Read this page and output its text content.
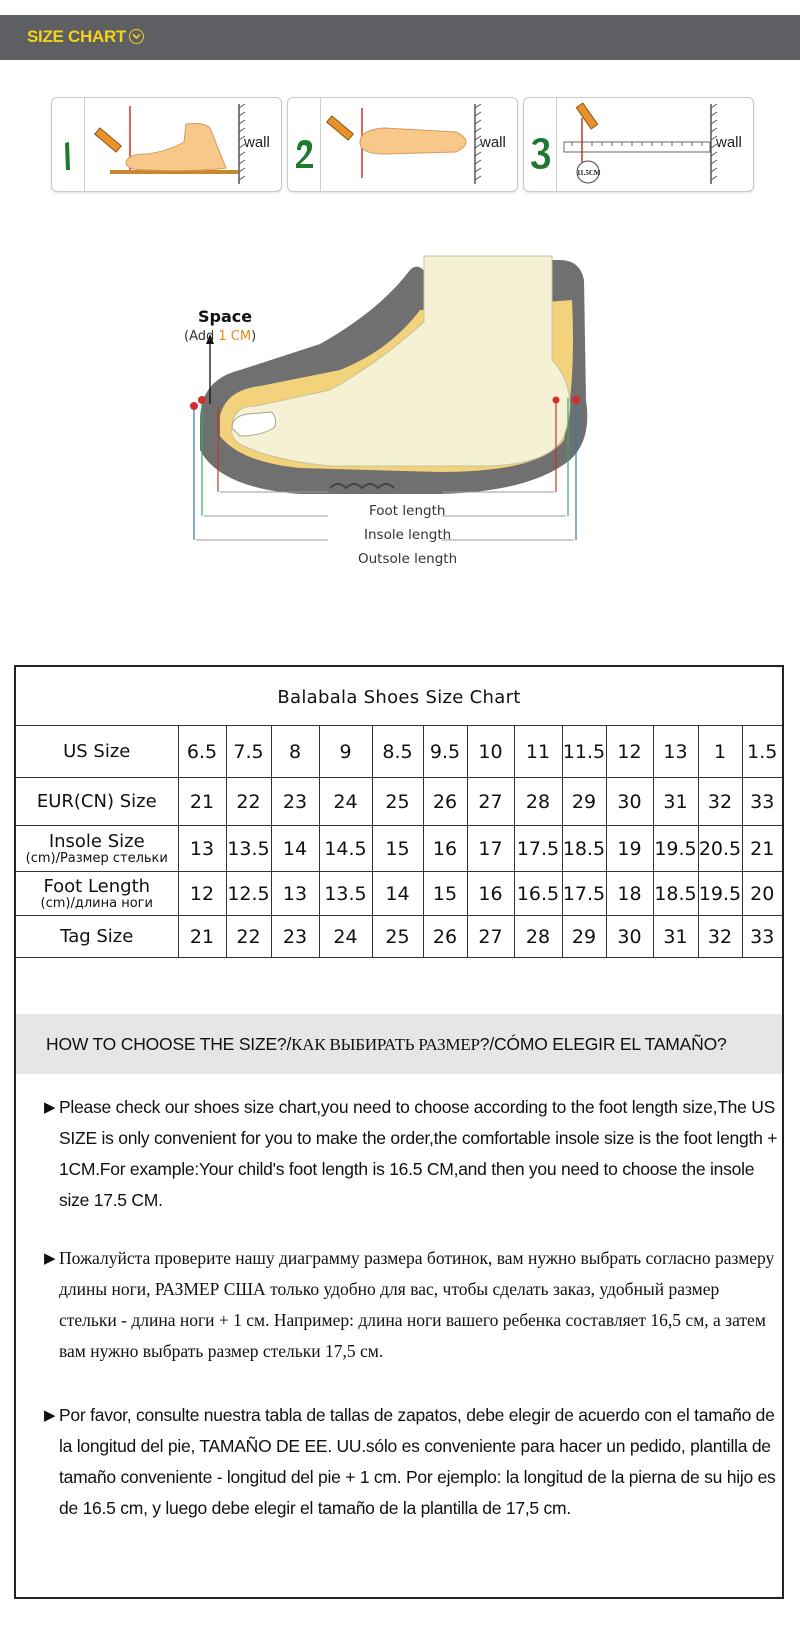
SIZE CHART
wall	wall
11.5CM
wall
Space
(Add 1 CM)
Foot length
Insole length
Outsole length
Balabala Shoes Size Chart
US Size	6.5	7.5	8	9	8.5	9.5	10	11	11.5	12	13	1	1.5

EUR(CN) Size	21	22	23	24	25	26	27	28	29	30	31	32	33

Insole Size
(cm)/Размер стельки	13	13.5	14	14.5	15	16	17	17.5	18.5	19	19.5	20.5	21

Foot Length
(cm)/длина ноги	12	12.5	13	13.5	14	15	16	16.5	17.5	18	18.5	19.5	20

Tag Size	21	22	23	24	25	26	27	28	29	30	31	32	33
HOW TO CHOOSE THE SIZE?/КАК ВЫБИРАТЬ РАЗМЕР?/CÓMO ELEGIR EL TAMAÑO?
▶ Please check our shoes size chart,you need to choose according to the foot length size,The US SIZE is only convenient for you to make the order,the comfortable insole size is the foot length + 1CM.For example:Your child's foot length is 16.5 CM,and then you need to choose the insole size 17.5 CM.
▶ Пожалуйста проверите нашу диаграмму размера ботинок, вам нужно выбрать согласно размеру длины ноги, РАЗМЕР США только удобно для вас, чтобы сделать заказ, удобный размер стельки - длина ноги + 1 см. Например: длина ноги вашего ребенка составляет 16,5 см, а затем вам нужно выбрать размер стельки 17,5 см.
▶ Por favor, consulte nuestra tabla de tallas de zapatos, debe elegir de acuerdo con el tamaño de la longitud del pie, TAMAÑO DE EE. UU.sólo es conveniente para hacer un pedido, plantilla de tamaño conveniente - longitud del pie + 1 cm. Por ejemplo: la longitud de la pierna de su hijo es de 16.5 cm, y luego debe elegir el tamaño de la plantilla de 17,5 cm.
